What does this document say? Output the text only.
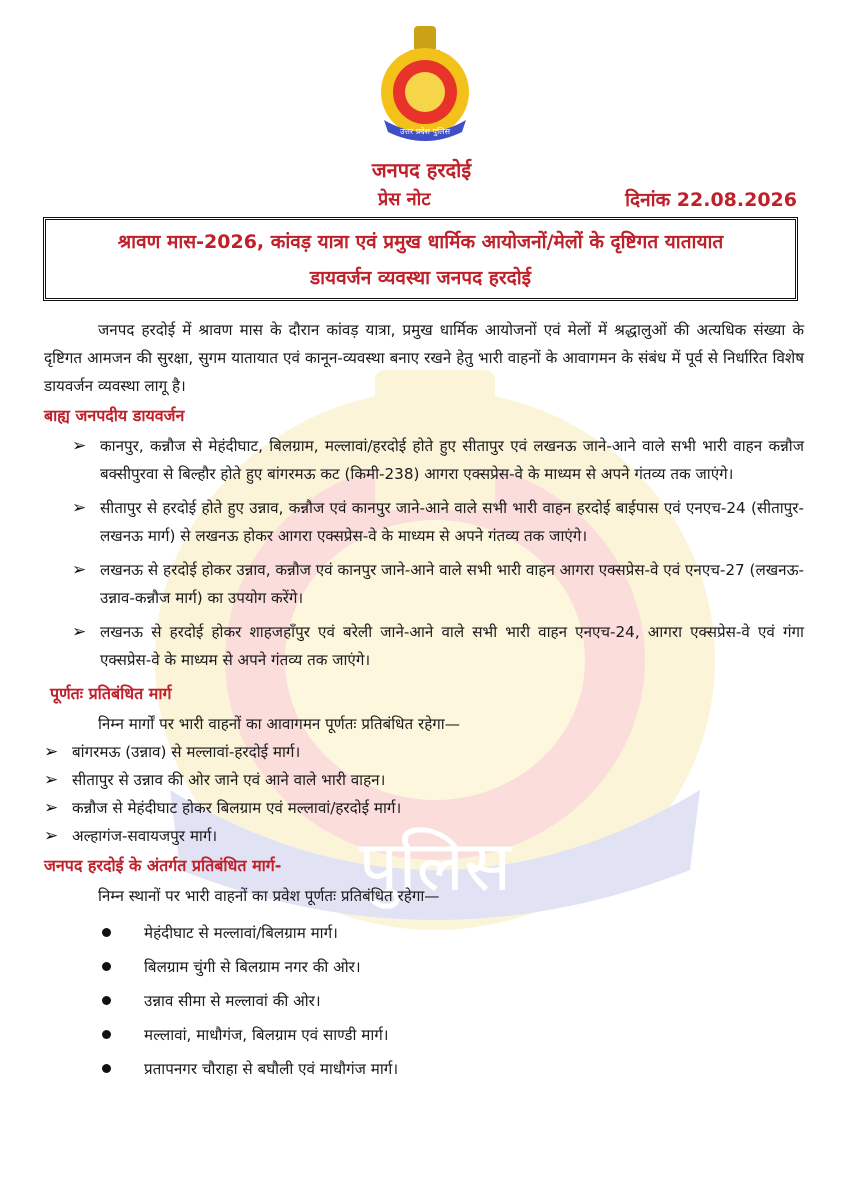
पुलिस
उत्तर प्रदेश पुलिस
जनपद हरदोई
प्रेस नोट	दिनांक 22.08.2026
श्रावण मास-2026, कांवड़ यात्रा एवं प्रमुख धार्मिक आयोजनों/मेलों के दृष्टिगत यातायात
डायवर्जन व्यवस्था जनपद हरदोई

जनपद हरदोई में श्रावण मास के दौरान कांवड़ यात्रा, प्रमुख धार्मिक आयोजनों एवं मेलों में श्रद्धालुओं की अत्यधिक संख्या के दृष्टिगत आमजन की सुरक्षा, सुगम यातायात एवं कानून-व्यवस्था बनाए रखने हेतु भारी वाहनों के आवागमन के संबंध में पूर्व से निर्धारित विशेष डायवर्जन व्यवस्था लागू है।

बाह्य जनपदीय डायवर्जन
➢ कानपुर, कन्नौज से मेहंदीघाट, बिलग्राम, मल्लावां/हरदोई होते हुए सीतापुर एवं लखनऊ जाने-आने वाले सभी भारी वाहन कन्नौज बक्सीपुरवा से बिल्हौर होते हुए बांगरमऊ कट (किमी-238) आगरा एक्सप्रेस-वे के माध्यम से अपने गंतव्य तक जाएंगे।
➢ सीतापुर से हरदोई होते हुए उन्नाव, कन्नौज एवं कानपुर जाने-आने वाले सभी भारी वाहन हरदोई बाईपास एवं एनएच-24 (सीतापुर-लखनऊ मार्ग) से लखनऊ होकर आगरा एक्सप्रेस-वे के माध्यम से अपने गंतव्य तक जाएंगे।
➢ लखनऊ से हरदोई होकर उन्नाव, कन्नौज एवं कानपुर जाने-आने वाले सभी भारी वाहन आगरा एक्सप्रेस-वे एवं एनएच-27 (लखनऊ-उन्नाव-कन्नौज मार्ग) का उपयोग करेंगे।
➢ लखनऊ से हरदोई होकर शाहजहाँपुर एवं बरेली जाने-आने वाले सभी भारी वाहन एनएच-24, आगरा एक्सप्रेस-वे एवं गंगा एक्सप्रेस-वे के माध्यम से अपने गंतव्य तक जाएंगे।
पूर्णतः प्रतिबंधित मार्ग

निम्न मार्गों पर भारी वाहनों का आवागमन पूर्णतः प्रतिबंधित रहेगा—

➢ बांगरमऊ (उन्नाव) से मल्लावां-हरदोई मार्ग।
➢ सीतापुर से उन्नाव की ओर जाने एवं आने वाले भारी वाहन।
➢ कन्नौज से मेहंदीघाट होकर बिलग्राम एवं मल्लावां/हरदोई मार्ग।
➢ अल्हागंज-सवायजपुर मार्ग।
जनपद हरदोई के अंतर्गत प्रतिबंधित मार्ग-

निम्न स्थानों पर भारी वाहनों का प्रवेश पूर्णतः प्रतिबंधित रहेगा—

मेहंदीघाट से मल्लावां/बिलग्राम मार्ग।
बिलग्राम चुंगी से बिलग्राम नगर की ओर।
उन्नाव सीमा से मल्लावां की ओर।
मल्लावां, माधौगंज, बिलग्राम एवं साण्डी मार्ग।
प्रतापनगर चौराहा से बघौली एवं माधौगंज मार्ग।
